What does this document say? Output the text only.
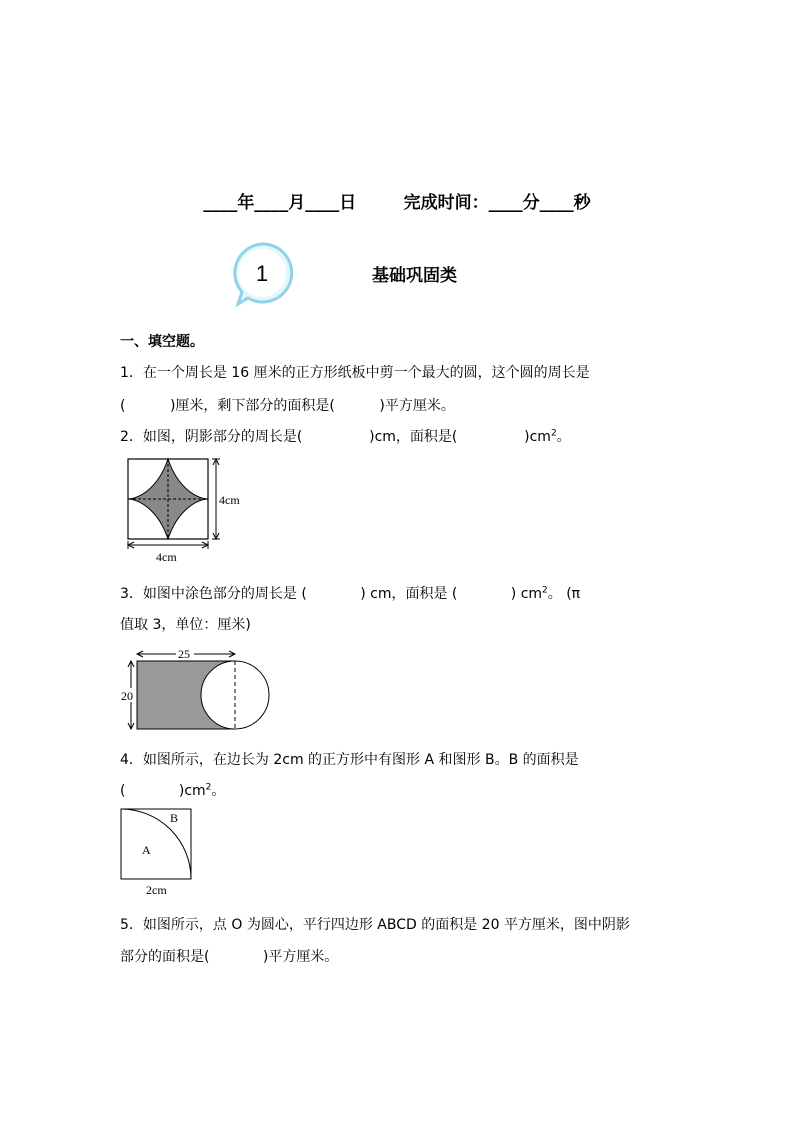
____年____月____日        完成时间：____分____秒
1	基础巩固类
一、填空题。
1．在一个周长是 16 厘米的正方形纸板中剪一个最大的圆，这个圆的周长是
(          )厘米，剩下部分的面积是(          )平方厘米。
2．如图，阴影部分的周长是(               )cm，面积是(               )$cm^2$。
4cm
4cm
3．如图中涂色部分的周长是 (            ) cm，面积是 (            ) $cm^2$。 (π
值取 3，单位：厘米)
25
20
4．如图所示，在边长为 2cm 的正方形中有图形 A 和图形 B。B 的面积是
(            )$cm^2$。
A
B
2cm
5．如图所示，点 O 为圆心，平行四边形 ABCD 的面积是 20 平方厘米，图中阴影
部分的面积是(            )平方厘米。
